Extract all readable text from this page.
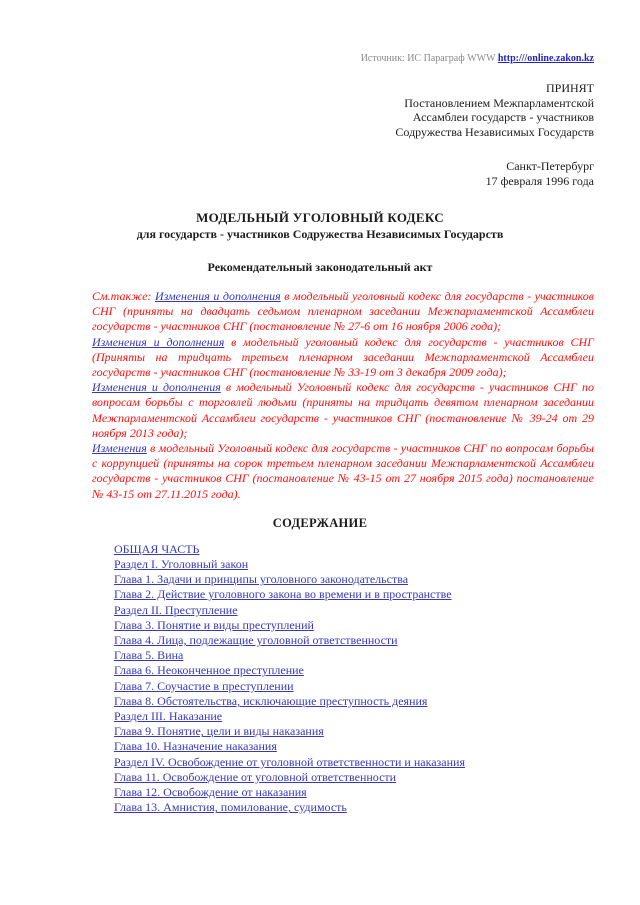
Источник: ИС Параграф WWW http:///online.zakon.kz
ПРИНЯТ
Постановлением Межпарламентской
Ассамблеи государств - участников
Содружества Независимых Государств
Санкт-Петербург
17 февраля 1996 года
МОДЕЛЬНЫЙ УГОЛОВНЫЙ КОДЕКС
для государств - участников Содружества Независимых Государств
Рекомендательный законодательный акт

См.также: Изменения и дополнения в модельный уголовный кодекс для государств - участников СНГ (приняты на двадцать седьмом пленарном заседании Межпарламентской Ассамблеи государств - участников СНГ (постановление № 27-6 от 16 ноября 2006 года);

Изменения и дополнения в модельный уголовный кодекс для государств - участников СНГ (Приняты на тридцать третьем пленарном заседании Межпарламентской Ассамблеи государств - участников СНГ (постановление № 33-19 от 3 декабря 2009 года);

Изменения и дополнения в модельный Уголовный кодекс для государств - участников СНГ по вопросам борьбы с торговлей людьми (приняты на тридцать девятом пленарном заседании Межпарламентской Ассамблеи государств - участников СНГ (постановление № 39-24 от 29 ноября 2013 года);

Изменения в модельный Уголовный кодекс для государств - участников СНГ по вопросам борьбы с коррупцией (приняты на сорок третьем пленарном заседании Межпарламентской Ассамблеи государств - участников СНГ (постановление № 43-15 от 27 ноября 2015 года) постановление № 43-15 от 27.11.2015 года).

СОДЕРЖАНИЕ
ОБЩАЯ ЧАСТЬ
Раздел I. Уголовный закон
Глава 1. Задачи и принципы уголовного законодательства
Глава 2. Действие уголовного закона во времени и в пространстве
Раздел II. Преступление
Глава 3. Понятие и виды преступлений
Глава 4. Лица, подлежащие уголовной ответственности
Глава 5. Вина
Глава 6. Неоконченное преступление
Глава 7. Соучастие в преступлении
Глава 8. Обстоятельства, исключающие преступность деяния
Раздел III. Наказание
Глава 9. Понятие, цели и виды наказания
Глава 10. Назначение наказания
Раздел IV. Освобождение от уголовной ответственности и наказания
Глава 11. Освобождение от уголовной ответственности
Глава 12. Освобождение от наказания
Глава 13. Амнистия, помилование, судимость
